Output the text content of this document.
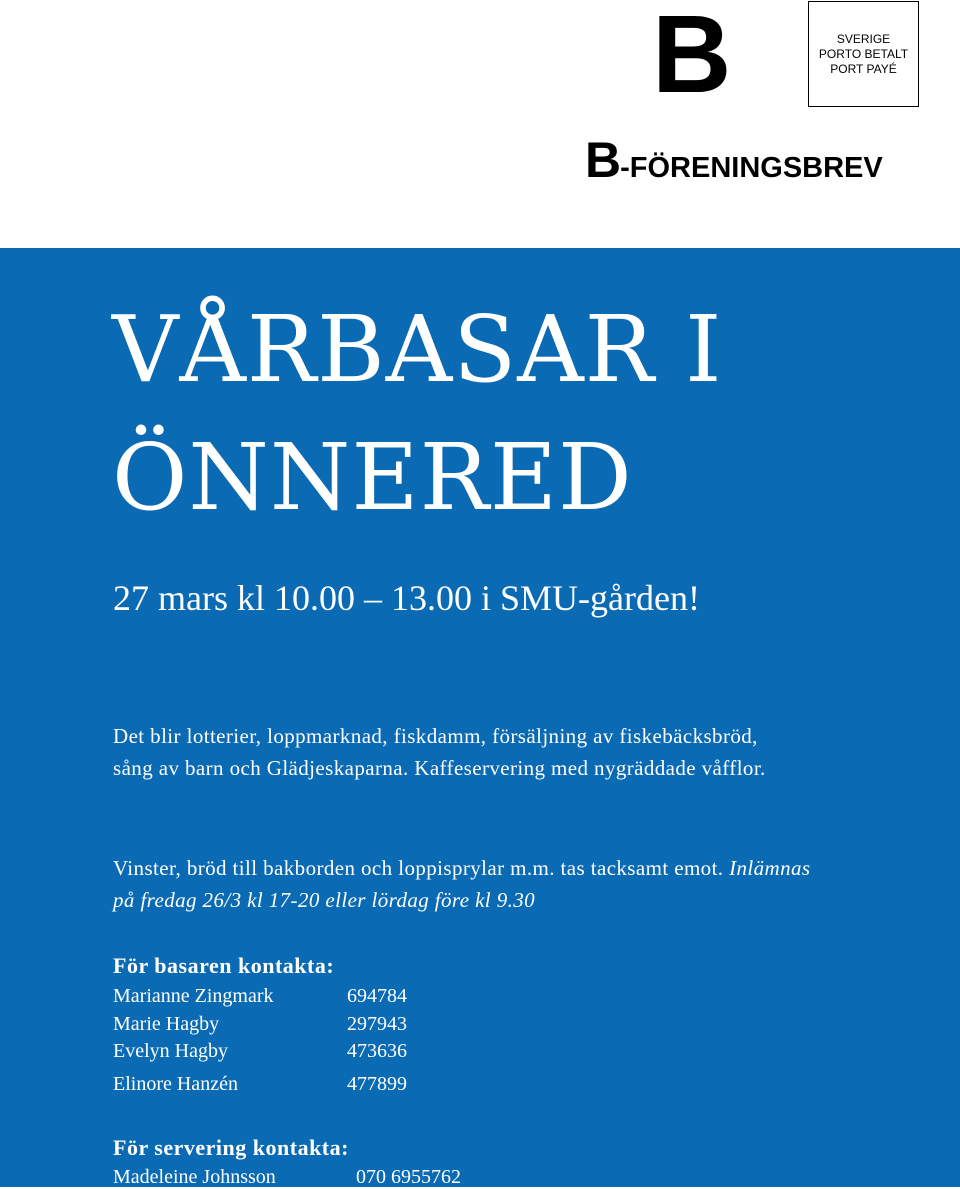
B	SVERIGE
PORTO BETALT
PORT PAYÉ
B-FÖRENINGSBREV
VÅRBASAR I
ÖNNERED
27 mars kl 10.00 – 13.00 i SMU-gården!
Det blir lotterier, loppmarknad, fiskdamm, försäljning av fiskebäcksbröd, sång av barn och Glädjeskaparna. Kaffeservering med nygräddade våfflor.
Vinster, bröd till bakborden och loppisprylar m.m. tas tacksamt emot. Inlämnas på fredag 26/3 kl 17-20 eller lördag före kl 9.30
För basaren kontakta:
Marianne Zingmark	694784
Marie Hagby	297943
Evelyn Hagby	473636
Elinore Hanzén	477899
För servering kontakta:
Madeleine Johnsson	070 6955762
